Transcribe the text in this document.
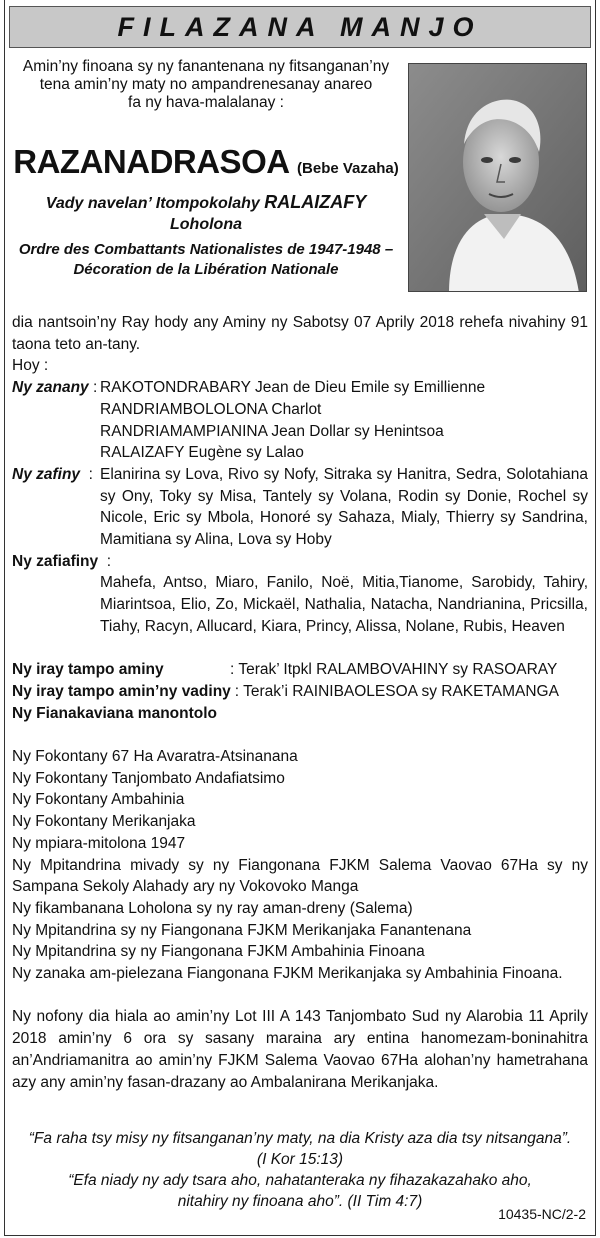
FILAZANA MANJO
Amin’ny finoana sy ny fanantenana ny fitsanganan’ny
tena amin’ny maty no ampandrenesanay anareo
fa ny hava-malalanay :
RAZANADRASOA (Bebe Vazaha)
Vady navelan’ Itompokolahy RALAIZAFY
Loholona
Ordre des Combattants Nationalistes de 1947-1948 –
Décoration de la Libération Nationale
dia nantsoin’ny Ray hody any Aminy ny Sabotsy 07 Aprily 2018 rehefa nivahiny 91 taona teto an-tany.
Hoy :
Ny zanany : RAKOTONDRABARY Jean de Dieu Emile sy Emillienne
RANDRIAMBOLOLONA Charlot
RANDRIAMAMPIANINA Jean Dollar sy Henintsoa
RALAIZAFY Eugène sy Lalao
Ny zafiny  : Elanirina sy Lova, Rivo sy Nofy, Sitraka sy Hanitra, Sedra, Solotahiana sy Ony, Toky sy Misa, Tantely sy Volana, Rodin sy Donie, Rochel sy Nicole, Eric sy Mbola, Honoré sy Sahaza, Mialy, Thierry sy Sandrina, Mamitiana sy Alina, Lova sy Hoby
Ny zafiafiny  :
Mahefa, Antso, Miaro, Fanilo, Noë, Mitia,Tianome, Sarobidy, Tahiry, Miarintsoa, Elio, Zo, Mickaël, Nathalia, Natacha, Nandrianina, Pricsilla, Tiahy, Racyn, Allucard, Kiara, Princy, Alissa, Nolane, Rubis, Heaven
Ny iray tampo aminy	: Terak’ Itpkl RALAMBOVAHINY sy RASOARAY
Ny iray tampo amin’ny vadiny : Terak’i RAINIBAOLESOA sy RAKETAMANGA
Ny Fianakaviana manontolo
Ny Fokontany 67 Ha Avaratra-Atsinanana
Ny Fokontany Tanjombato Andafiatsimo
Ny Fokontany Ambahinia
Ny Fokontany Merikanjaka
Ny mpiara-mitolona 1947
Ny Mpitandrina mivady sy ny Fiangonana FJKM Salema Vaovao 67Ha sy ny Sampana Sekoly Alahady ary ny Vokovoko Manga
Ny fikambanana Loholona sy ny ray aman-dreny (Salema)
Ny Mpitandrina sy ny Fiangonana FJKM Merikanjaka Fanantenana
Ny Mpitandrina sy ny Fiangonana FJKM Ambahinia Finoana
Ny zanaka am-pielezana Fiangonana FJKM Merikanjaka sy Ambahinia Finoana.
Ny nofony dia hiala ao amin’ny Lot III A 143 Tanjombato Sud ny Alarobia 11 Aprily 2018 amin’ny 6 ora sy sasany maraina ary entina hanomezam-boninahitra an’Andriamanitra ao amin’ny FJKM Salema Vaovao 67Ha alohan’ny hametrahana azy any amin’ny fasan-drazany ao Ambalanirana Merikanjaka.
“Fa raha tsy misy ny fitsanganan’ny maty, na dia Kristy aza dia tsy nitsangana”.
(I Kor 15:13)
“Efa niady ny ady tsara aho, nahatanteraka ny fihazakazahako aho,
nitahiry ny finoana aho”. (II Tim 4:7)
10435-NC/2-2
